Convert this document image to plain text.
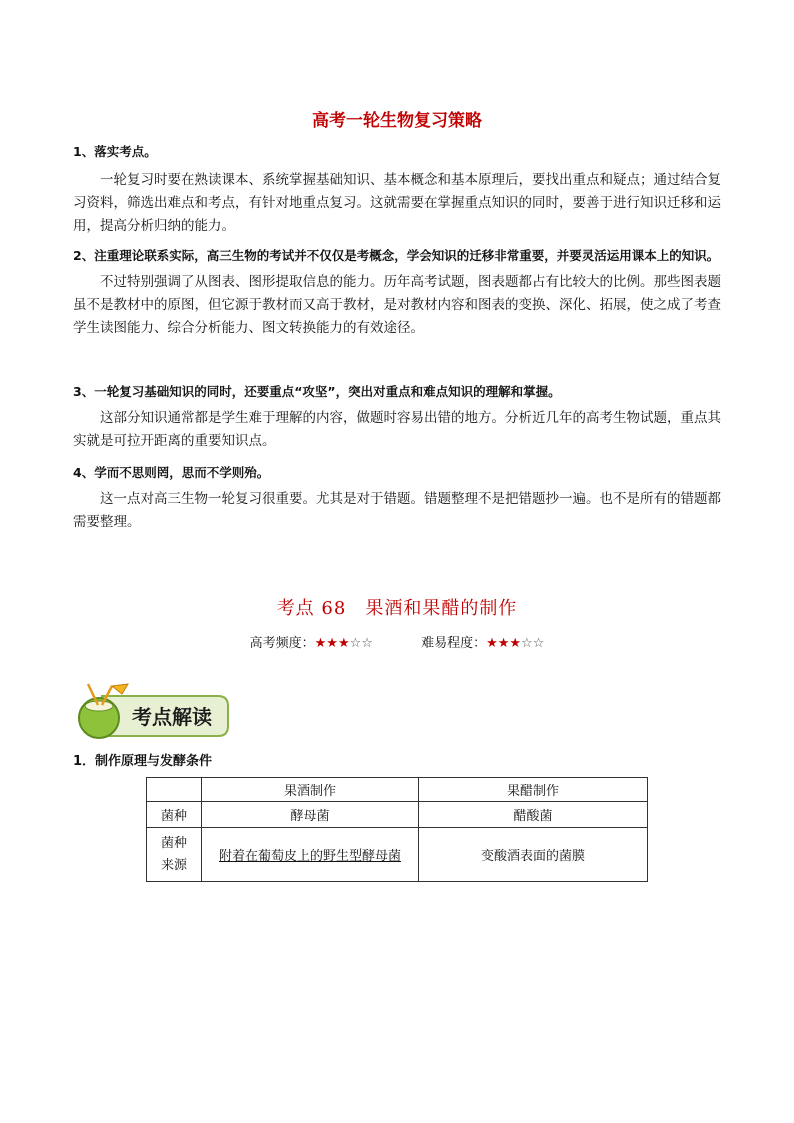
高考一轮生物复习策略
1、落实考点。
一轮复习时要在熟读课本、系统掌握基础知识、基本概念和基本原理后，要找出重点和疑点；通过结合复习资料，筛选出难点和考点，有针对地重点复习。这就需要在掌握重点知识的同时，要善于进行知识迁移和运用，提高分析归纳的能力。
2、注重理论联系实际，高三生物的考试并不仅仅是考概念，学会知识的迁移非常重要，并要灵活运用课本上的知识。
不过特别强调了从图表、图形提取信息的能力。历年高考试题，图表题都占有比较大的比例。那些图表题虽不是教材中的原图，但它源于教材而又高于教材，是对教材内容和图表的变换、深化、拓展，使之成了考查学生读图能力、综合分析能力、图文转换能力的有效途径。
3、一轮复习基础知识的同时，还要重点“攻坚”，突出对重点和难点知识的理解和掌握。
这部分知识通常都是学生难于理解的内容，做题时容易出错的地方。分析近几年的高考生物试题，重点其实就是可拉开距离的重要知识点。
4、学而不思则罔，思而不学则殆。
这一点对高三生物一轮复习很重要。尤其是对于错题。错题整理不是把错题抄一遍。也不是所有的错题都需要整理。
考点 68　果酒和果醋的制作
高考频度：★★★☆☆	难易程度：★★★☆☆
考点解读
1．制作原理与发酵条件
	果酒制作	果醋制作
菌种	酵母菌	醋酸菌

菌种
来源	附着在葡萄皮上的野生型酵母菌	变酸酒表面的菌膜
